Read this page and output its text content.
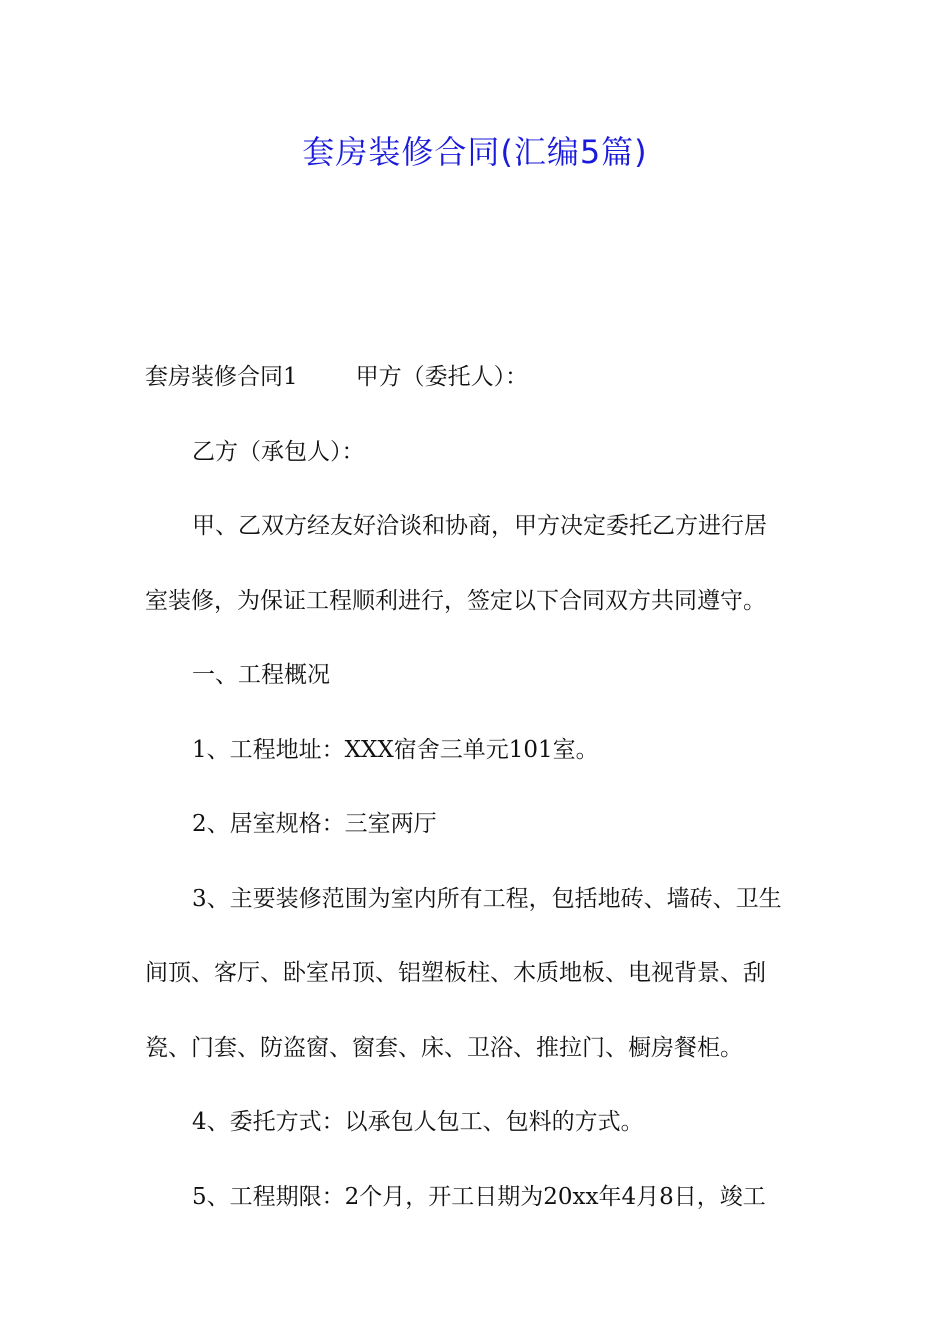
套房装修合同(汇编5篇)

套房装修合同1	甲方（委托人）：

乙方（承包人）：

甲、乙双方经友好洽谈和协商，甲方决定委托乙方进行居

室装修，为保证工程顺利进行，签定以下合同双方共同遵守。

一、工程概况

1、工程地址：XXX宿舍三单元101室。

2、居室规格：三室两厅

3、主要装修范围为室内所有工程，包括地砖、墙砖、卫生

间顶、客厅、卧室吊顶、铝塑板柱、木质地板、电视背景、刮

瓷、门套、防盗窗、窗套、床、卫浴、推拉门、橱房餐柜。

4、委托方式：以承包人包工、包料的方式。

5、工程期限：2个月，开工日期为20xx年4月8日，竣工
